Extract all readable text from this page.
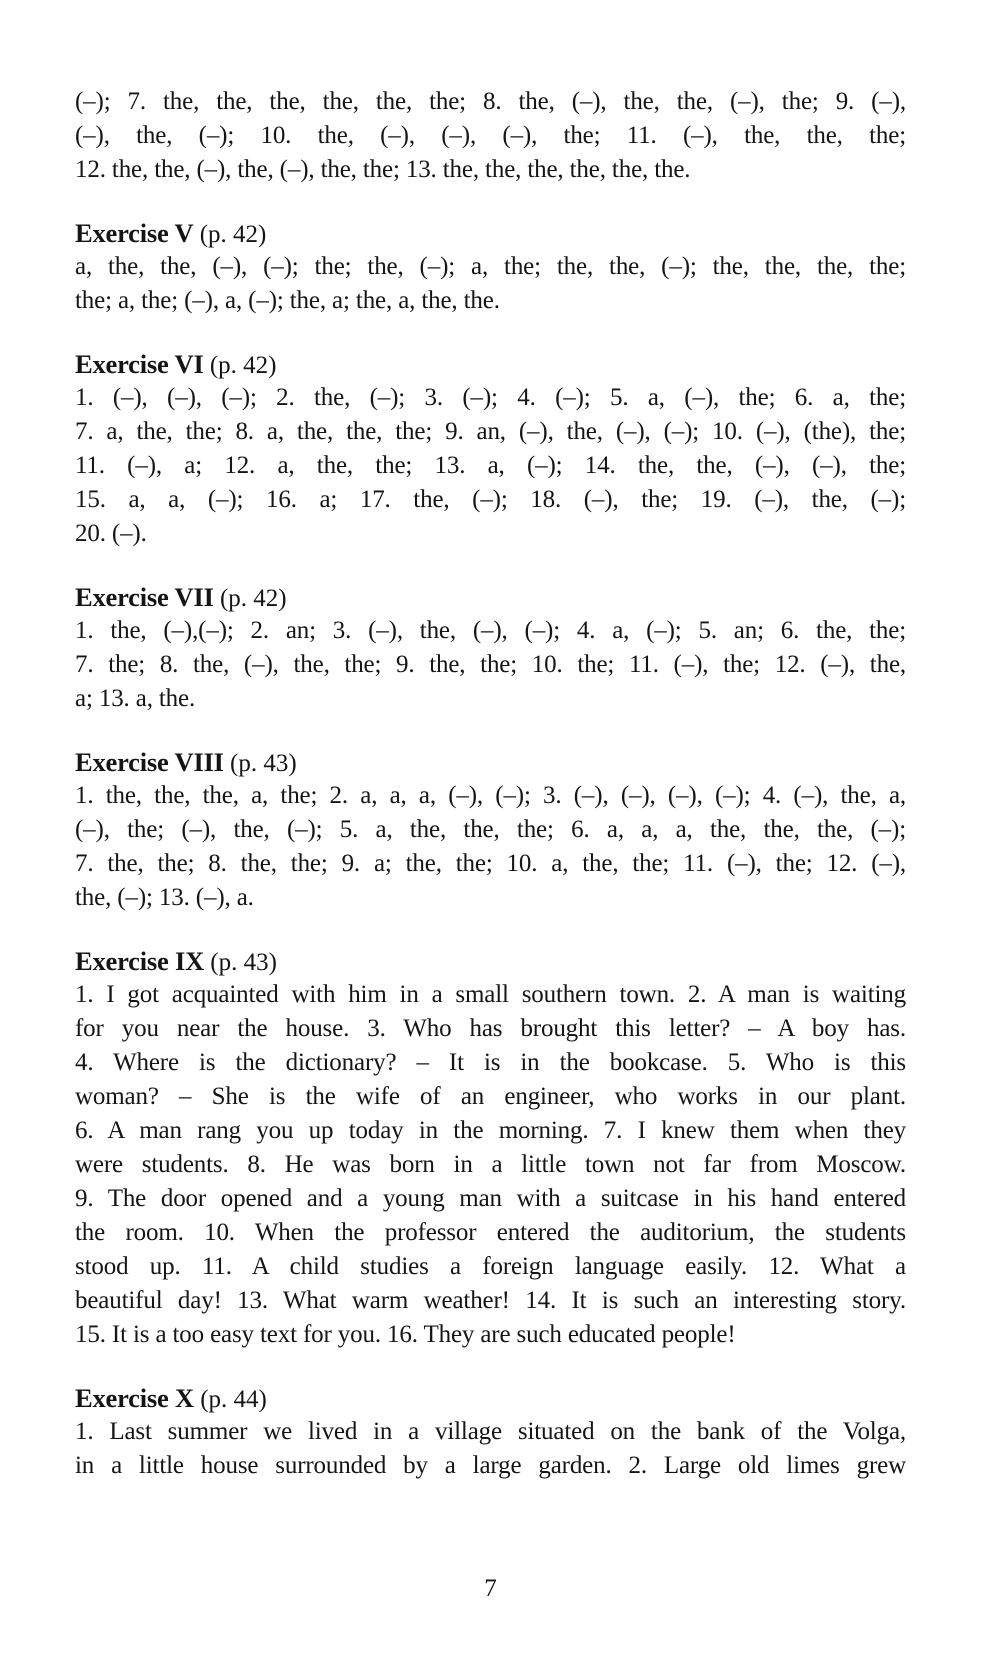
(–); 7. the, the, the, the, the, the; 8. the, (–), the, the, (–), the; 9. (–),
(–), the, (–); 10. the, (–), (–), (–), the; 11. (–), the, the, the;
12. the, the, (–), the, (–), the, the; 13. the, the, the, the, the, the.
Exercise V (p. 42)
a, the, the, (–), (–); the; the, (–); a, the; the, the, (–); the, the, the, the;
the; a, the; (–), a, (–); the, a; the, a, the, the.
Exercise VI (p. 42)
1. (–), (–), (–); 2. the, (–); 3. (–); 4. (–); 5. a, (–), the; 6. a, the;
7. a, the, the; 8. a, the, the, the; 9. an, (–), the, (–), (–); 10. (–), (the), the;
11. (–), a; 12. a, the, the; 13. a, (–); 14. the, the, (–), (–), the;
15. a, a, (–); 16. a; 17. the, (–); 18. (–), the; 19. (–), the, (–);
20. (–).
Exercise VII (p. 42)
1. the, (–),(–); 2. an; 3. (–), the, (–), (–); 4. a, (–); 5. an; 6. the, the;
7. the; 8. the, (–), the, the; 9. the, the; 10. the; 11. (–), the; 12. (–), the,
a; 13. a, the.
Exercise VIII (p. 43)
1. the, the, the, a, the; 2. a, a, a, (–), (–); 3. (–), (–), (–), (–); 4. (–), the, a,
(–), the; (–), the, (–); 5. a, the, the, the; 6. a, a, a, the, the, the, (–);
7. the, the; 8. the, the; 9. a; the, the; 10. a, the, the; 11. (–), the; 12. (–),
the, (–); 13. (–), a.
Exercise IX (p. 43)
1. I got acquainted with him in a small southern town. 2. A man is waiting
for you near the house. 3. Who has brought this letter? – A boy has.
4. Where is the dictionary? – It is in the bookcase. 5. Who is this
woman? – She is the wife of an engineer, who works in our plant.
6. A man rang you up today in the morning. 7. I knew them when they
were students. 8. He was born in a little town not far from Moscow.
9. The door opened and a young man with a suitcase in his hand entered
the room. 10. When the professor entered the auditorium, the students
stood up. 11. A child studies a foreign language easily. 12. What a
beautiful day! 13. What warm weather! 14. It is such an interesting story.
15. It is a too easy text for you. 16. They are such educated people!
Exercise X (p. 44)
1. Last summer we lived in a village situated on the bank of the Volga,
in a little house surrounded by a large garden. 2. Large old limes grew
7
